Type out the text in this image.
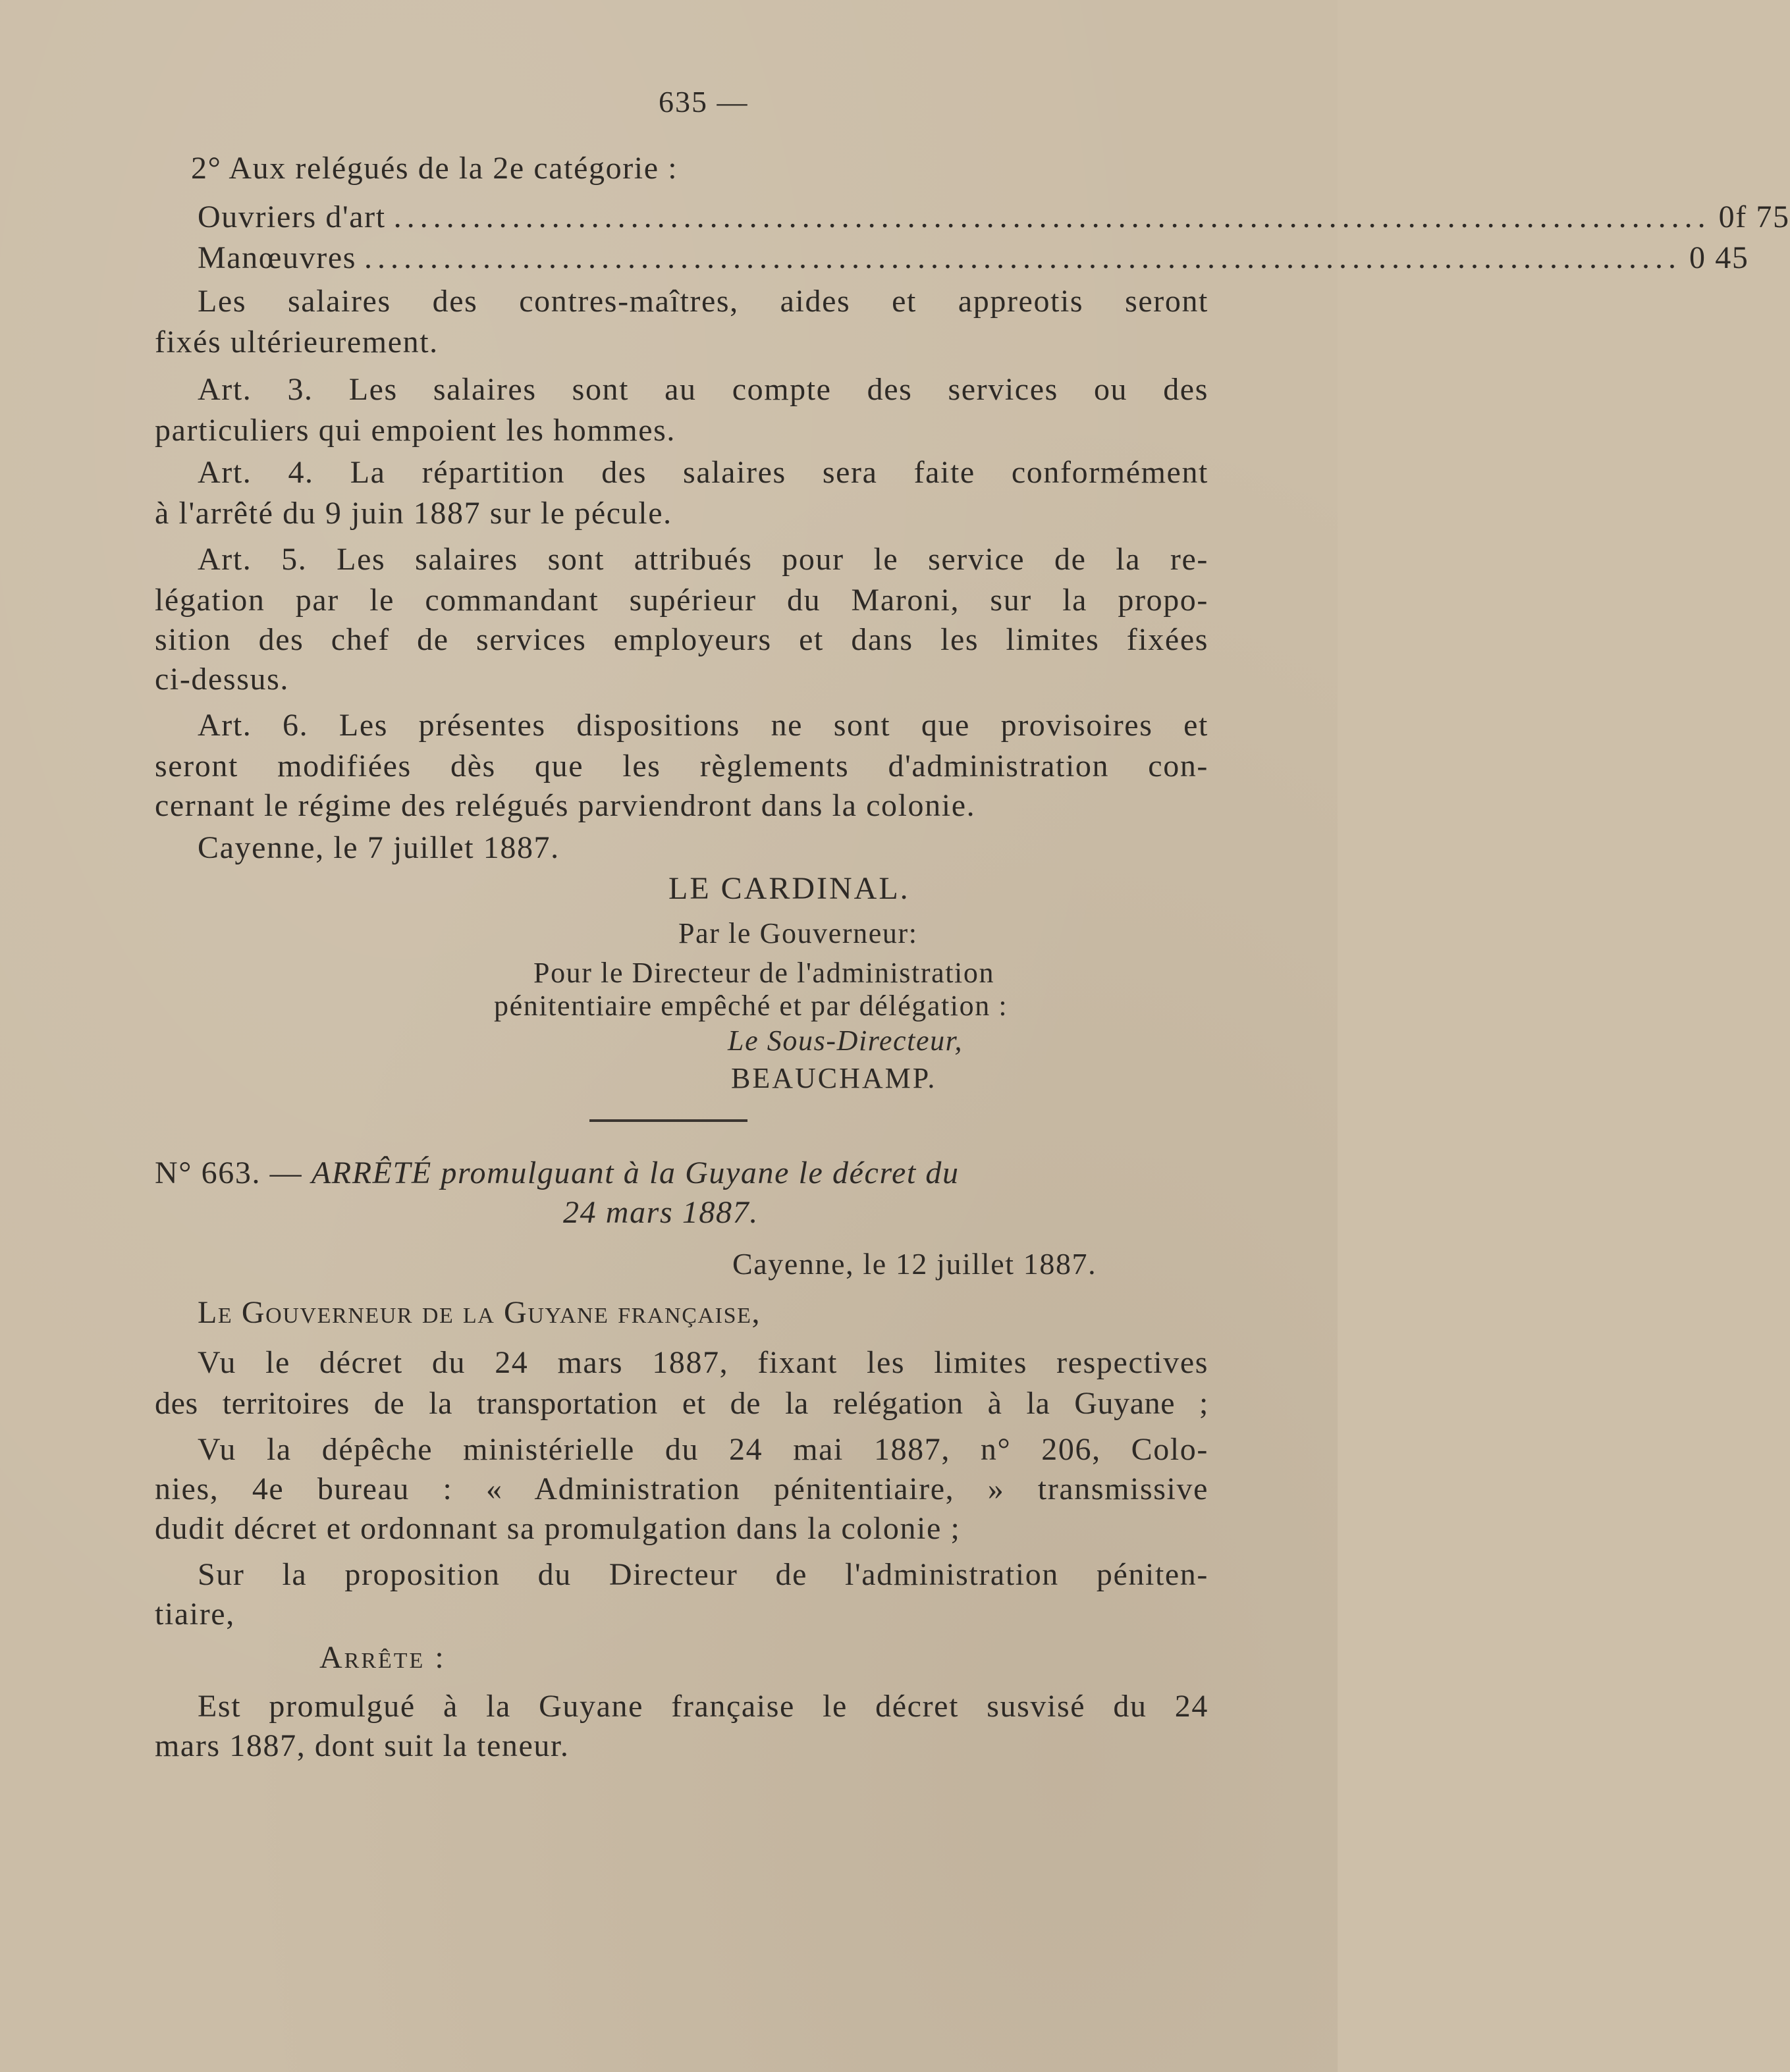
635 —
2° Aux relégués de la 2e catégorie :
Ouvriers d'art .................................................................................................... 0f 75
Manœuvres .................................................................................................... 0 45
Les salaires des contres-maîtres, aides et appreotis seront
fixés ultérieurement.
Art. 3. Les salaires sont au compte des services ou des
particuliers qui empoient les hommes.
Art. 4. La répartition des salaires sera faite conformément
à l'arrêté du 9 juin 1887 sur le pécule.
Art. 5. Les salaires sont attribués pour le service de la re-
légation par le commandant supérieur du Maroni, sur la propo-
sition des chef de services employeurs et dans les limites fixées
ci-dessus.
Art. 6. Les présentes dispositions ne sont que provisoires et
seront modifiées dès que les règlements d'administration con-
cernant le régime des relégués parviendront dans la colonie.
Cayenne, le 7 juillet 1887.
LE CARDINAL.
Par le Gouverneur:
Pour le Directeur de l'administration
pénitentiaire empêché et par délégation :
Le Sous-Directeur,
BEAUCHAMP.
N° 663. — ARRÊTÉ promulguant à la Guyane le décret du
24 mars 1887.
Cayenne, le 12 juillet 1887.
Le Gouverneur de la Guyane française,
Vu le décret du 24 mars 1887, fixant les limites respectives
des territoires de la transportation et de la relégation à la Guyane ;
Vu la dépêche ministérielle du 24 mai 1887, n° 206, Colo-
nies, 4e bureau : « Administration pénitentiaire, » transmissive
dudit décret et ordonnant sa promulgation dans la colonie ;
Sur la proposition du Directeur de l'administration péniten-
tiaire,
Arrête :
Est promulgué à la Guyane française le décret susvisé du 24
mars 1887, dont suit la teneur.
